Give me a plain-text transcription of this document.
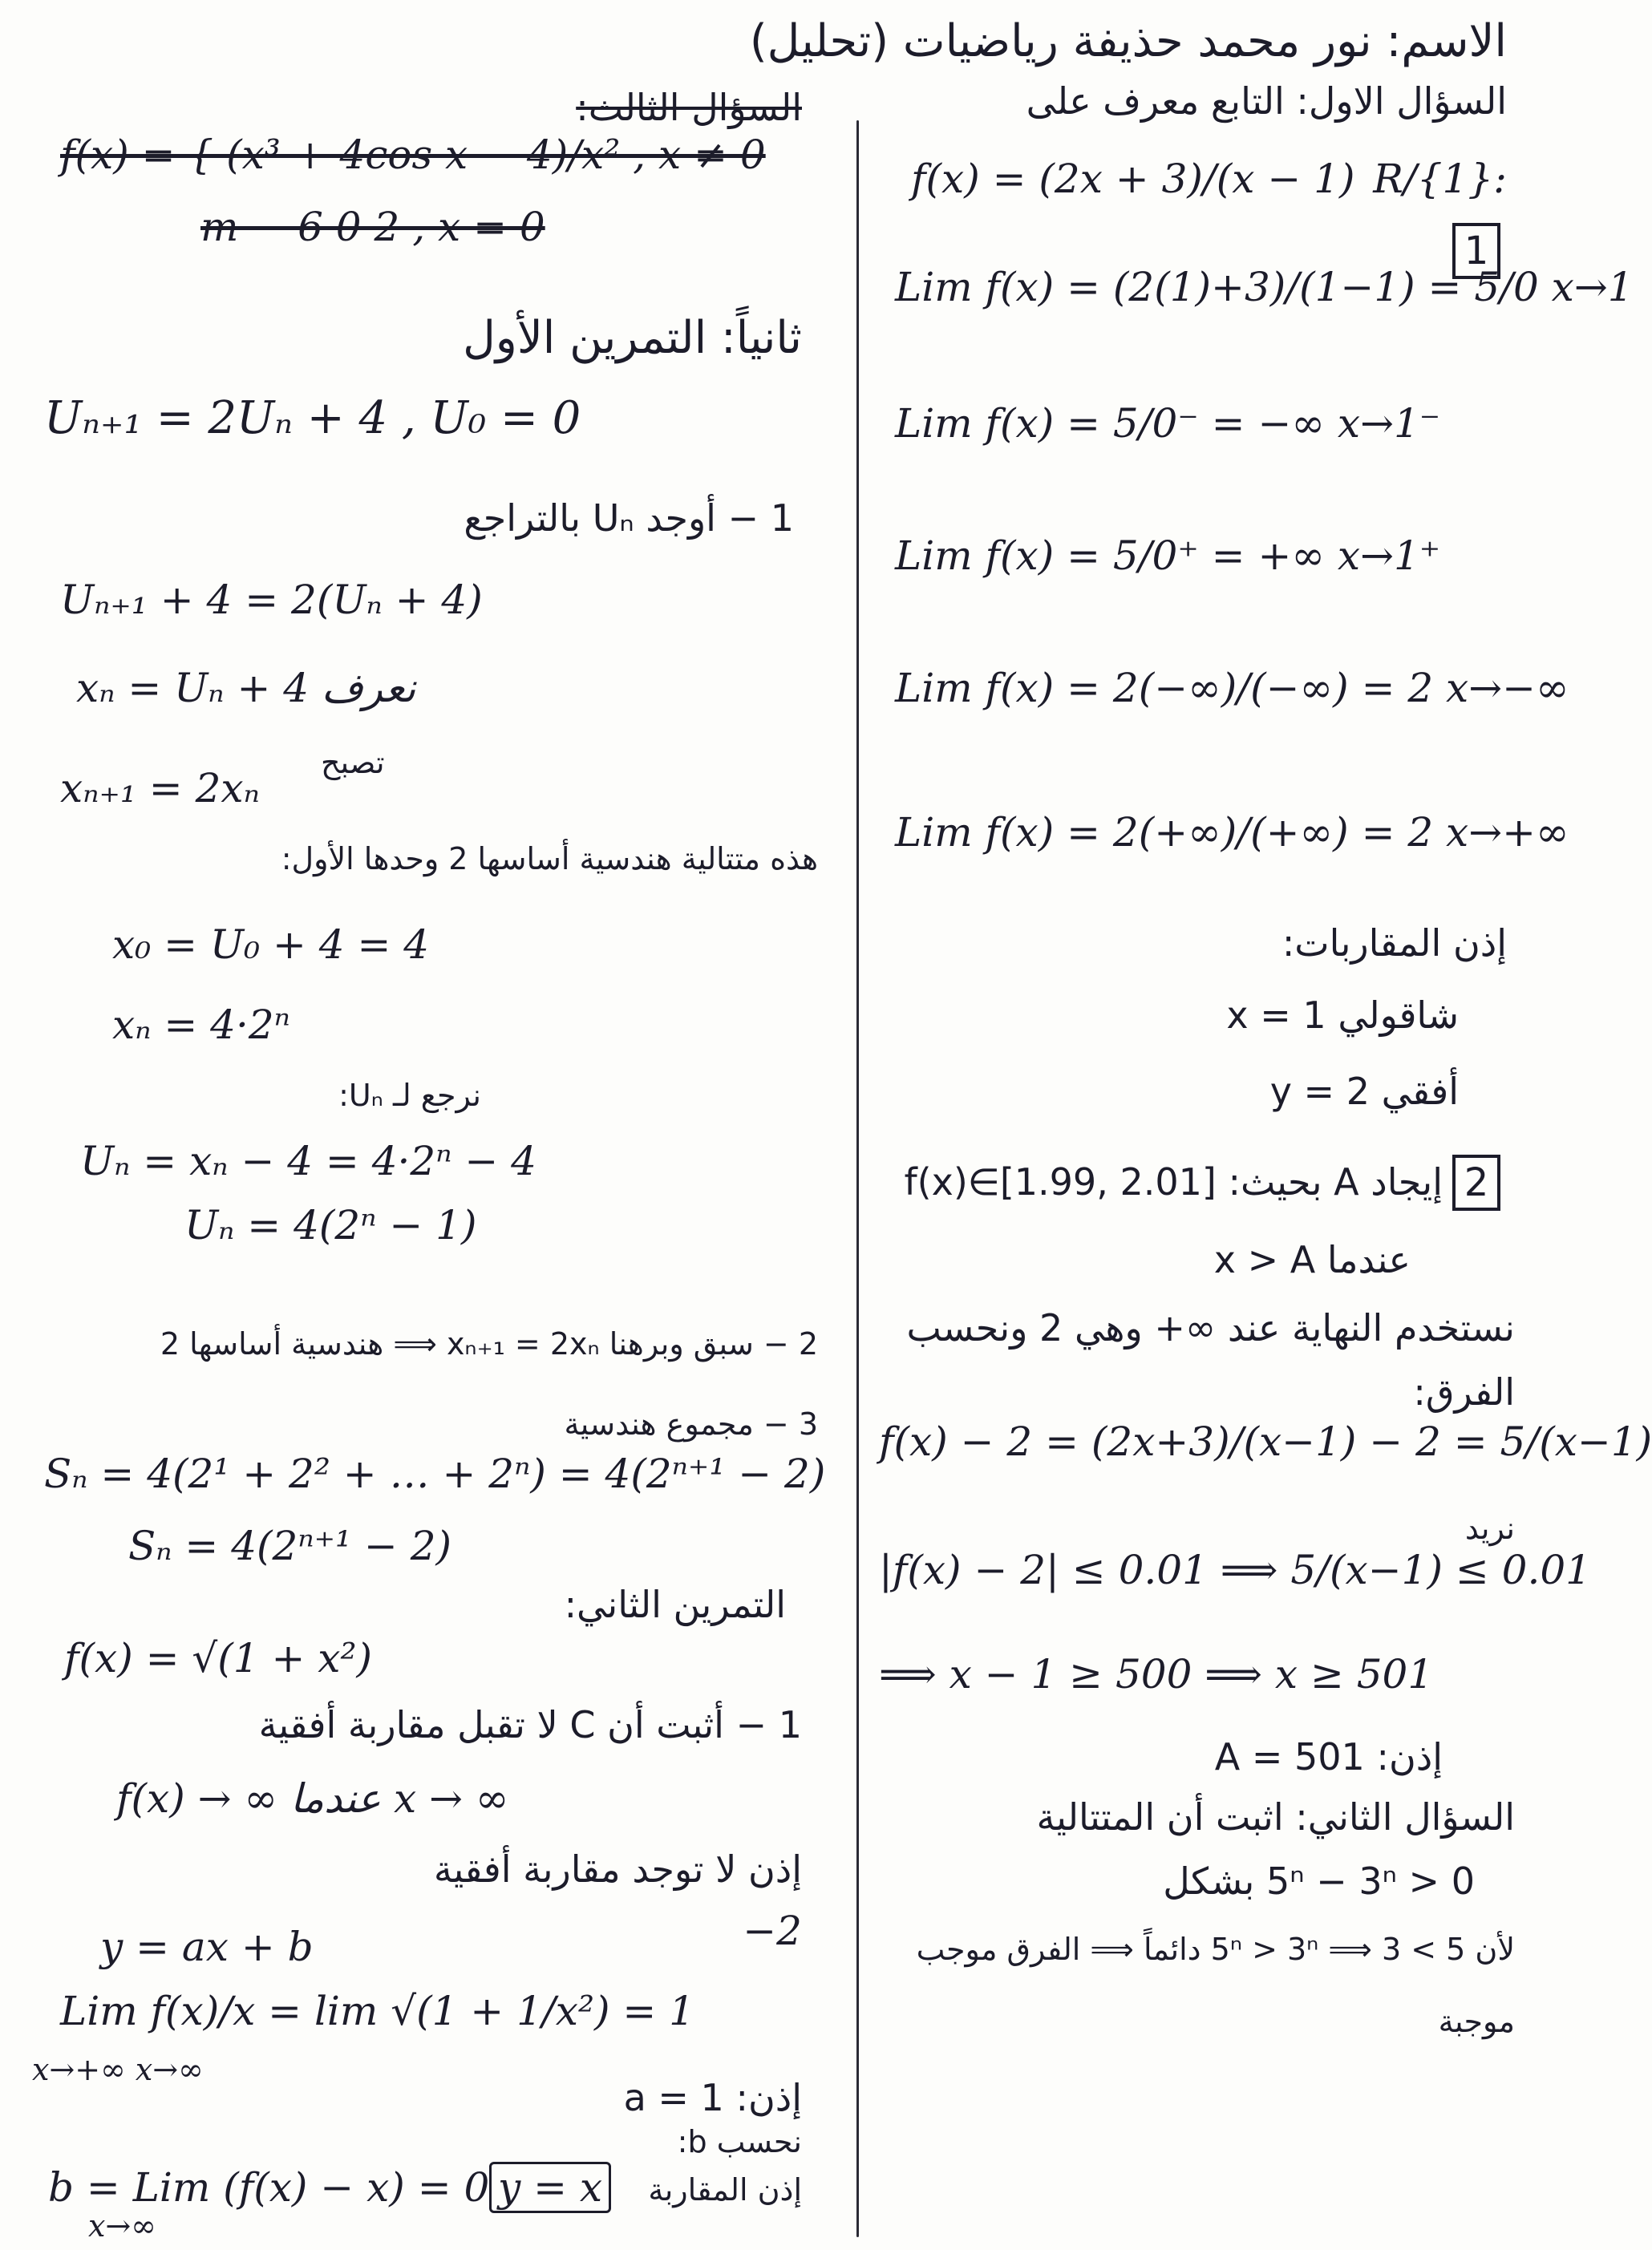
الاسم: نور محمد حذيفة رياضيات (تحليل)
السؤال الاول: التابع معرف على
R/{1}:
1
f(x) = (2x + 3)/(x − 1)
Lim f(x) = (2(1)+3)/(1−1) = 5/0 x→1
Lim f(x) = 5/0⁻ = −∞ x→1⁻
Lim f(x) = 5/0⁺ = +∞ x→1⁺
Lim f(x) = 2(−∞)/(−∞) = 2 x→−∞
Lim f(x) = 2(+∞)/(+∞) = 2 x→+∞
إذن المقاربات:
شاقولي x = 1
أفقي y = 2
2
إيجاد A بحيث: f(x)∈[1.99, 2.01]
عندما x > A
نستخدم النهاية عند ∞+ وهي 2 ونحسب
الفرق:
f(x) − 2 = (2x+3)/(x−1) − 2 = 5/(x−1)
نريد
|f(x) − 2| ≤ 0.01 ⟹ 5/(x−1) ≤ 0.01
⟹ x − 1 ≥ 500 ⟹ x ≥ 501
إذن: A = 501
السؤال الثاني: اثبت أن المتتالية
0 < 5ⁿ − 3ⁿ بشكل
لأن 5 > 3 ⟹ 5ⁿ > 3ⁿ دائماً ⟹ الفرق موجب
موجبة
السؤال الثالث:
f(x) = { (x³ + 4cos x − 4)/x² , x ≠ 0
m − 6 0 2 , x = 0
ثانياً: التمرين الأول
Uₙ₊₁ = 2Uₙ + 4 , U₀ = 0
1 − أوجد Uₙ بالتراجع
Uₙ₊₁ + 4 = 2(Uₙ + 4)
xₙ = Uₙ + 4 نعرف
تصبح
xₙ₊₁ = 2xₙ
هذه متتالية هندسية أساسها 2 وحدها الأول:
x₀ = U₀ + 4 = 4
xₙ = 4·2ⁿ
نرجع لـ Uₙ:
Uₙ = xₙ − 4 = 4·2ⁿ − 4
Uₙ = 4(2ⁿ − 1)
2 − سبق وبرهنا xₙ₊₁ = 2xₙ ⟹ هندسية أساسها 2
3 − مجموع هندسية
Sₙ = 4(2¹ + 2² + … + 2ⁿ) = 4(2ⁿ⁺¹ − 2)
Sₙ = 4(2ⁿ⁺¹ − 2)
التمرين الثاني:
f(x) = √(1 + x²)
1 − أثبت أن C لا تقبل مقاربة أفقية
f(x) → ∞ عندما x → ∞
إذن لا توجد مقاربة أفقية
−2
y = ax + b
Lim f(x)/x = lim √(1 + 1/x²) = 1
x→+∞ x→∞
إذن: a = 1
نحسب b:
b = Lim (f(x) − x) = 0
x→∞
إذن المقاربة
y = x
